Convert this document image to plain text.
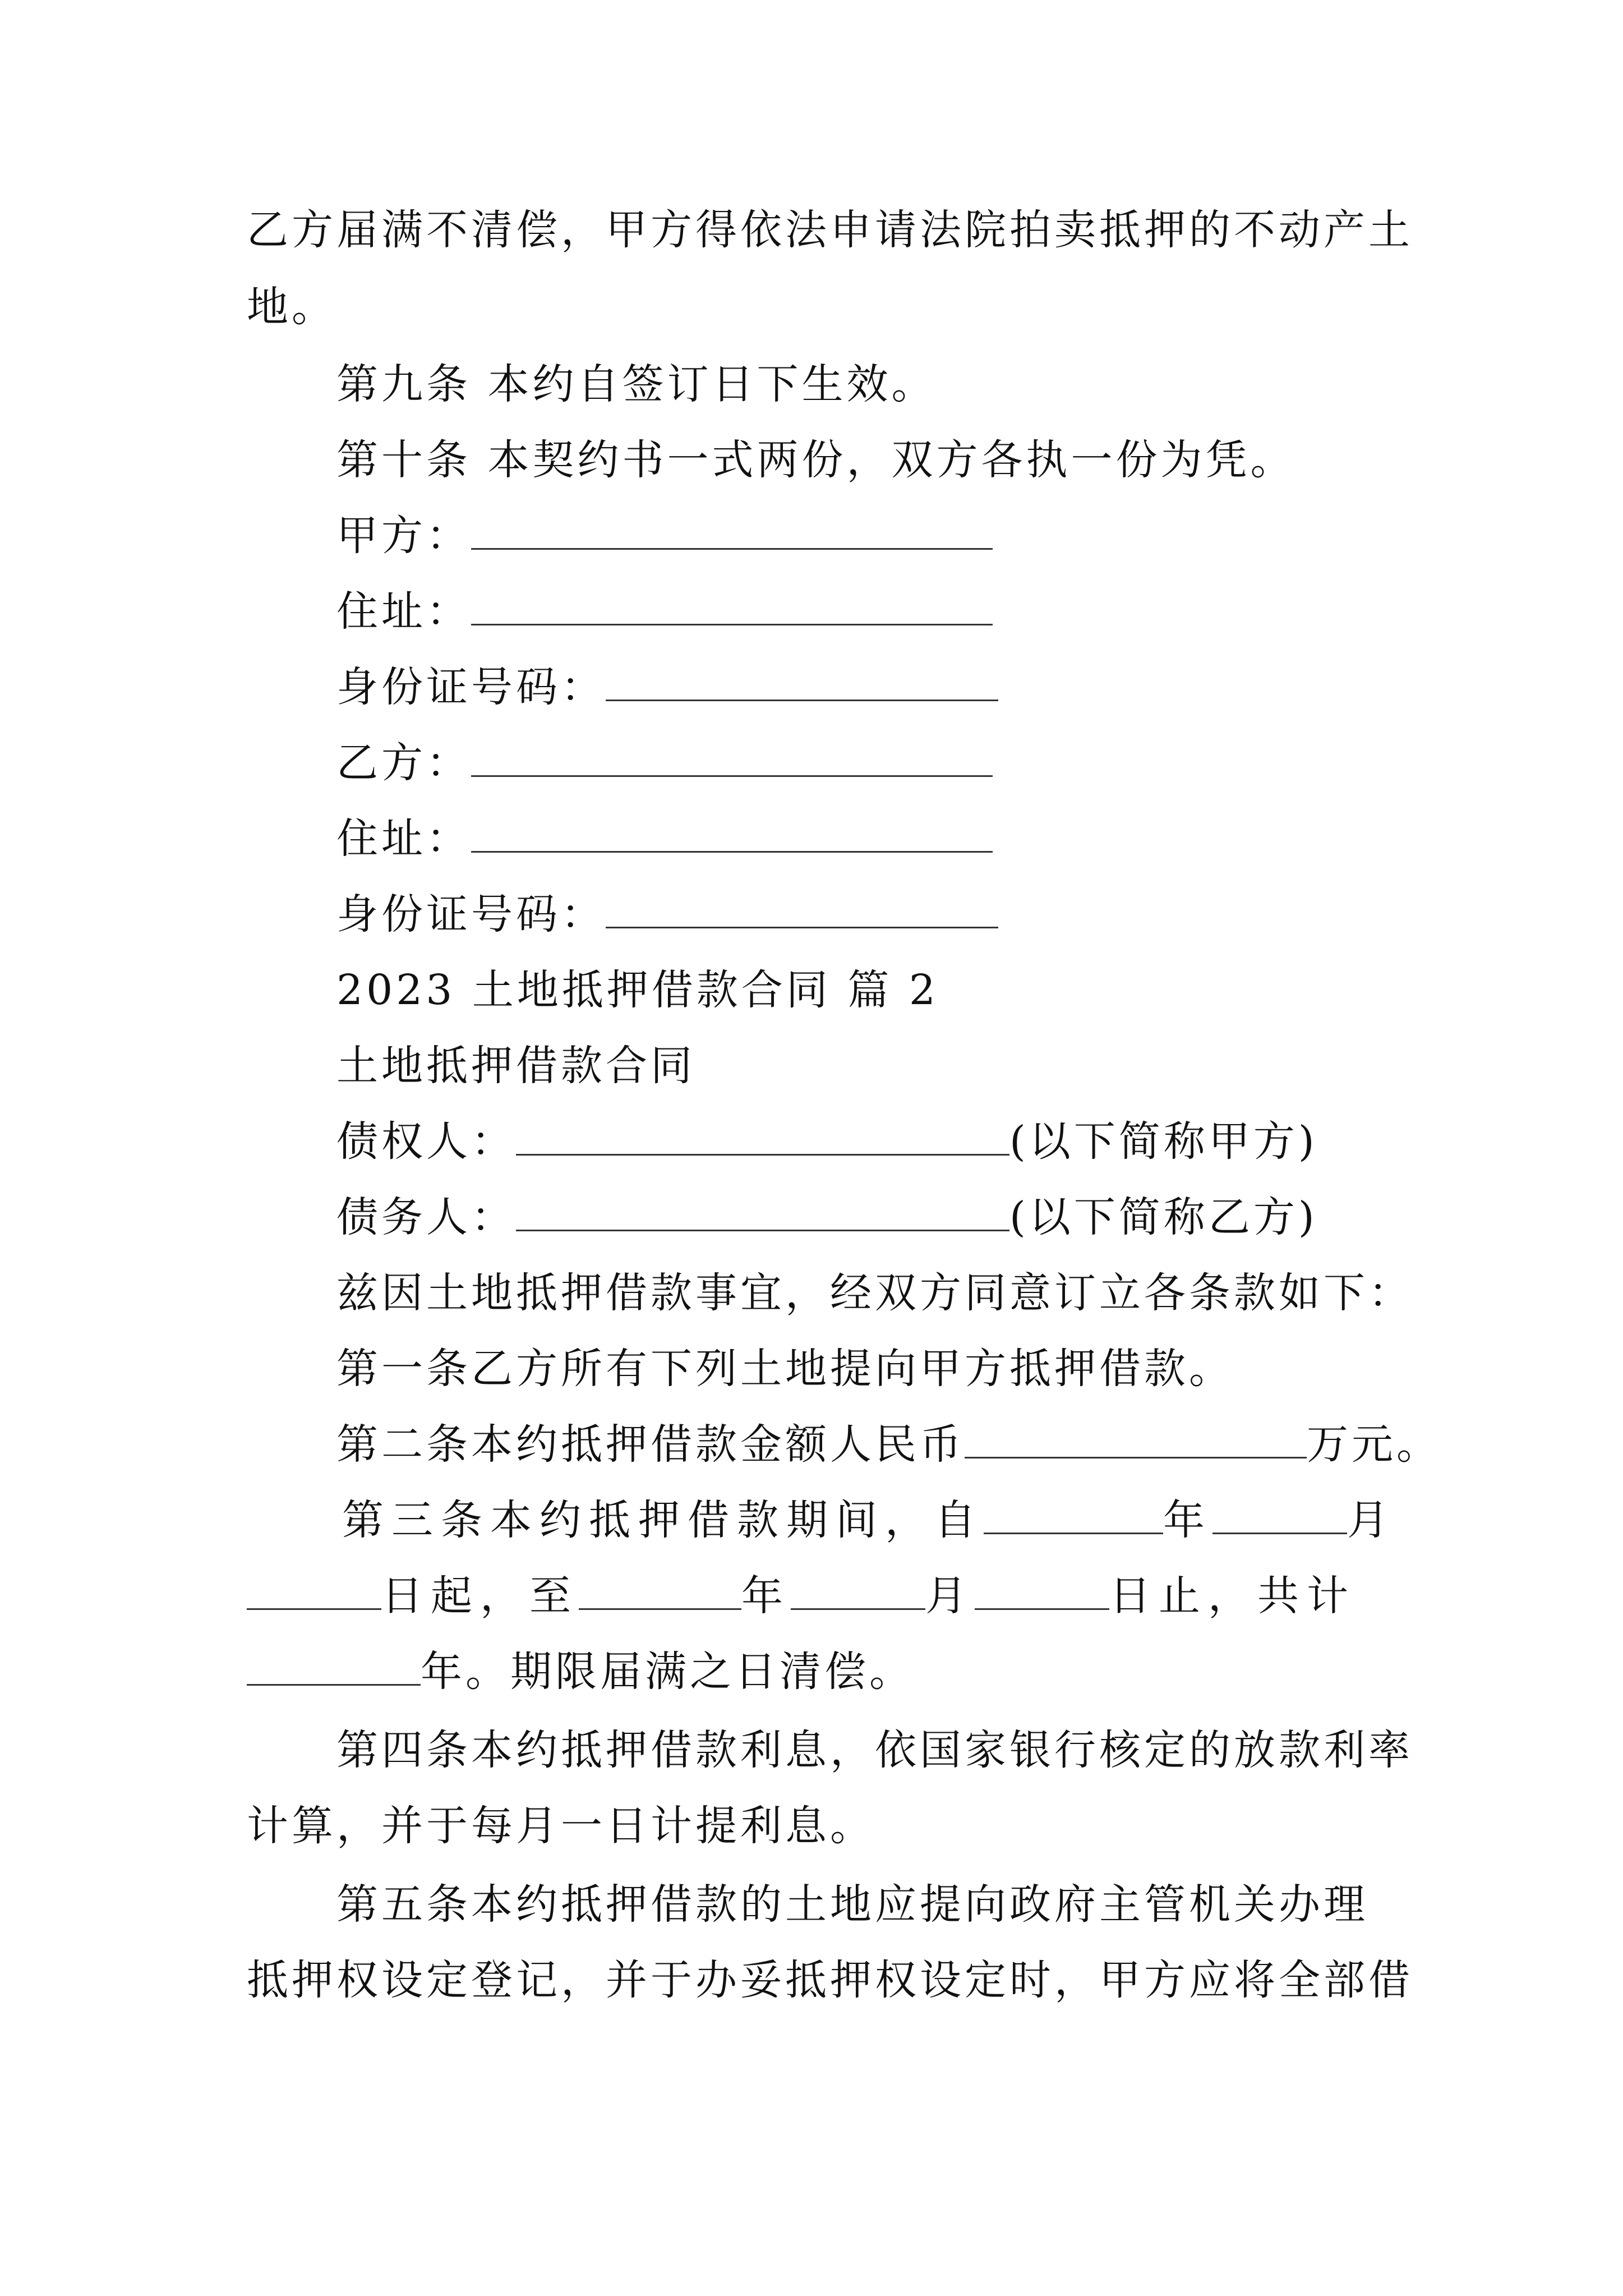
乙方届满不清偿，甲方得依法申请法院拍卖抵押的不动产土
地。
第九条 本约自签订日下生效。
第十条 本契约书一式两份，双方各执一份为凭。
甲方：
住址：
身份证号码：
乙方：
住址：
身份证号码：
2023 土地抵押借款合同 篇 2
土地抵押借款合同
债权人：	(以下简称甲方)
债务人：	(以下简称乙方)
兹因土地抵押借款事宜，经双方同意订立各条款如下：
第一条乙方所有下列土地提向甲方抵押借款。
第二条本约抵押借款金额人民币	万元。
第三条本约抵押借款期间，自	年	月
日起，至	年	月	日止，共计
年。期限届满之日清偿。
第四条本约抵押借款利息，依国家银行核定的放款利率
计算，并于每月一日计提利息。
第五条本约抵押借款的土地应提向政府主管机关办理
抵押权设定登记，并于办妥抵押权设定时，甲方应将全部借
